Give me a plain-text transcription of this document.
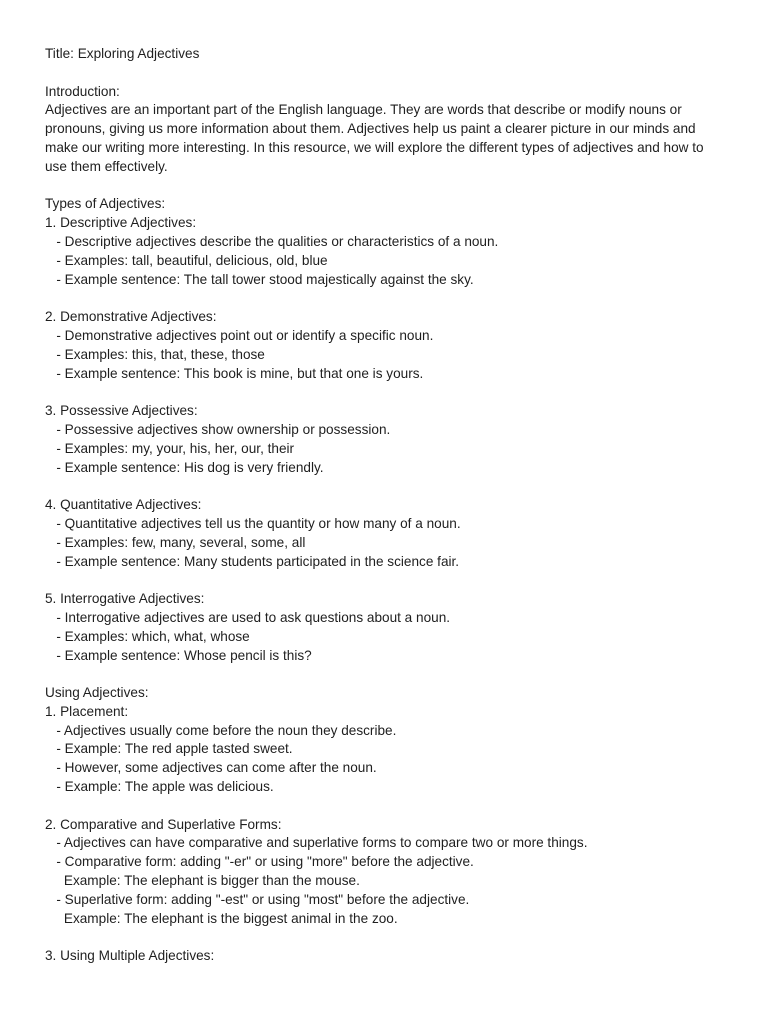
Title: Exploring Adjectives
Introduction:
Adjectives are an important part of the English language. They are words that describe or modify nouns or
pronouns, giving us more information about them. Adjectives help us paint a clearer picture in our minds and
make our writing more interesting. In this resource, we will explore the different types of adjectives and how to
use them effectively.
Types of Adjectives:
1. Descriptive Adjectives:
- Descriptive adjectives describe the qualities or characteristics of a noun.
- Examples: tall, beautiful, delicious, old, blue
- Example sentence: The tall tower stood majestically against the sky.
2. Demonstrative Adjectives:
- Demonstrative adjectives point out or identify a specific noun.
- Examples: this, that, these, those
- Example sentence: This book is mine, but that one is yours.
3. Possessive Adjectives:
- Possessive adjectives show ownership or possession.
- Examples: my, your, his, her, our, their
- Example sentence: His dog is very friendly.
4. Quantitative Adjectives:
- Quantitative adjectives tell us the quantity or how many of a noun.
- Examples: few, many, several, some, all
- Example sentence: Many students participated in the science fair.
5. Interrogative Adjectives:
- Interrogative adjectives are used to ask questions about a noun.
- Examples: which, what, whose
- Example sentence: Whose pencil is this?
Using Adjectives:
1. Placement:
- Adjectives usually come before the noun they describe.
- Example: The red apple tasted sweet.
- However, some adjectives can come after the noun.
- Example: The apple was delicious.
2. Comparative and Superlative Forms:
- Adjectives can have comparative and superlative forms to compare two or more things.
- Comparative form: adding "-er" or using "more" before the adjective.
Example: The elephant is bigger than the mouse.
- Superlative form: adding "-est" or using "most" before the adjective.
Example: The elephant is the biggest animal in the zoo.
3. Using Multiple Adjectives:
